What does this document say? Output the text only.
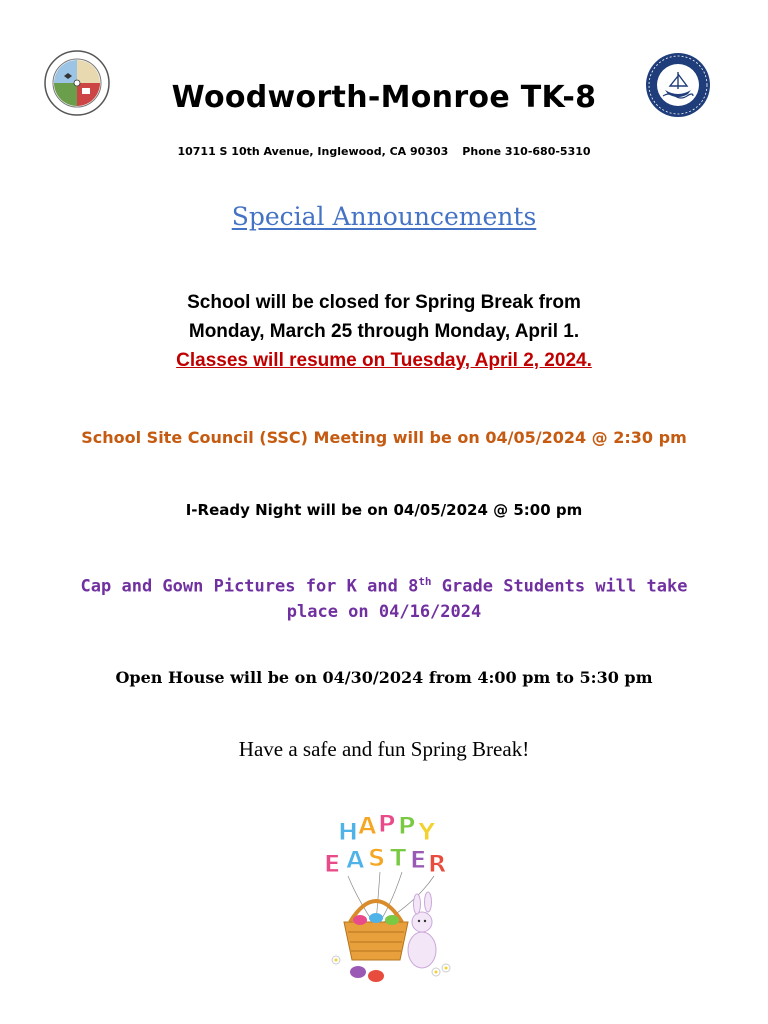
Woodworth-Monroe TK-8
10711 S 10th Avenue, Inglewood, CA 90303 Phone 310-680-5310
Special Announcements
School will be closed for Spring Break from
Monday, March 25 through Monday, April 1.
Classes will resume on Tuesday, April 2, 2024.
School Site Council (SSC) Meeting will be on 04/05/2024 @ 2:30 pm
I-Ready Night will be on 04/05/2024 @ 5:00 pm
Cap and Gown Pictures for K and 8th Grade Students will take
place on 04/16/2024
Open House will be on 04/30/2024 from 4:00 pm to 5:30 pm
Have a safe and fun Spring Break!
H A P P Y
E A S T E R
